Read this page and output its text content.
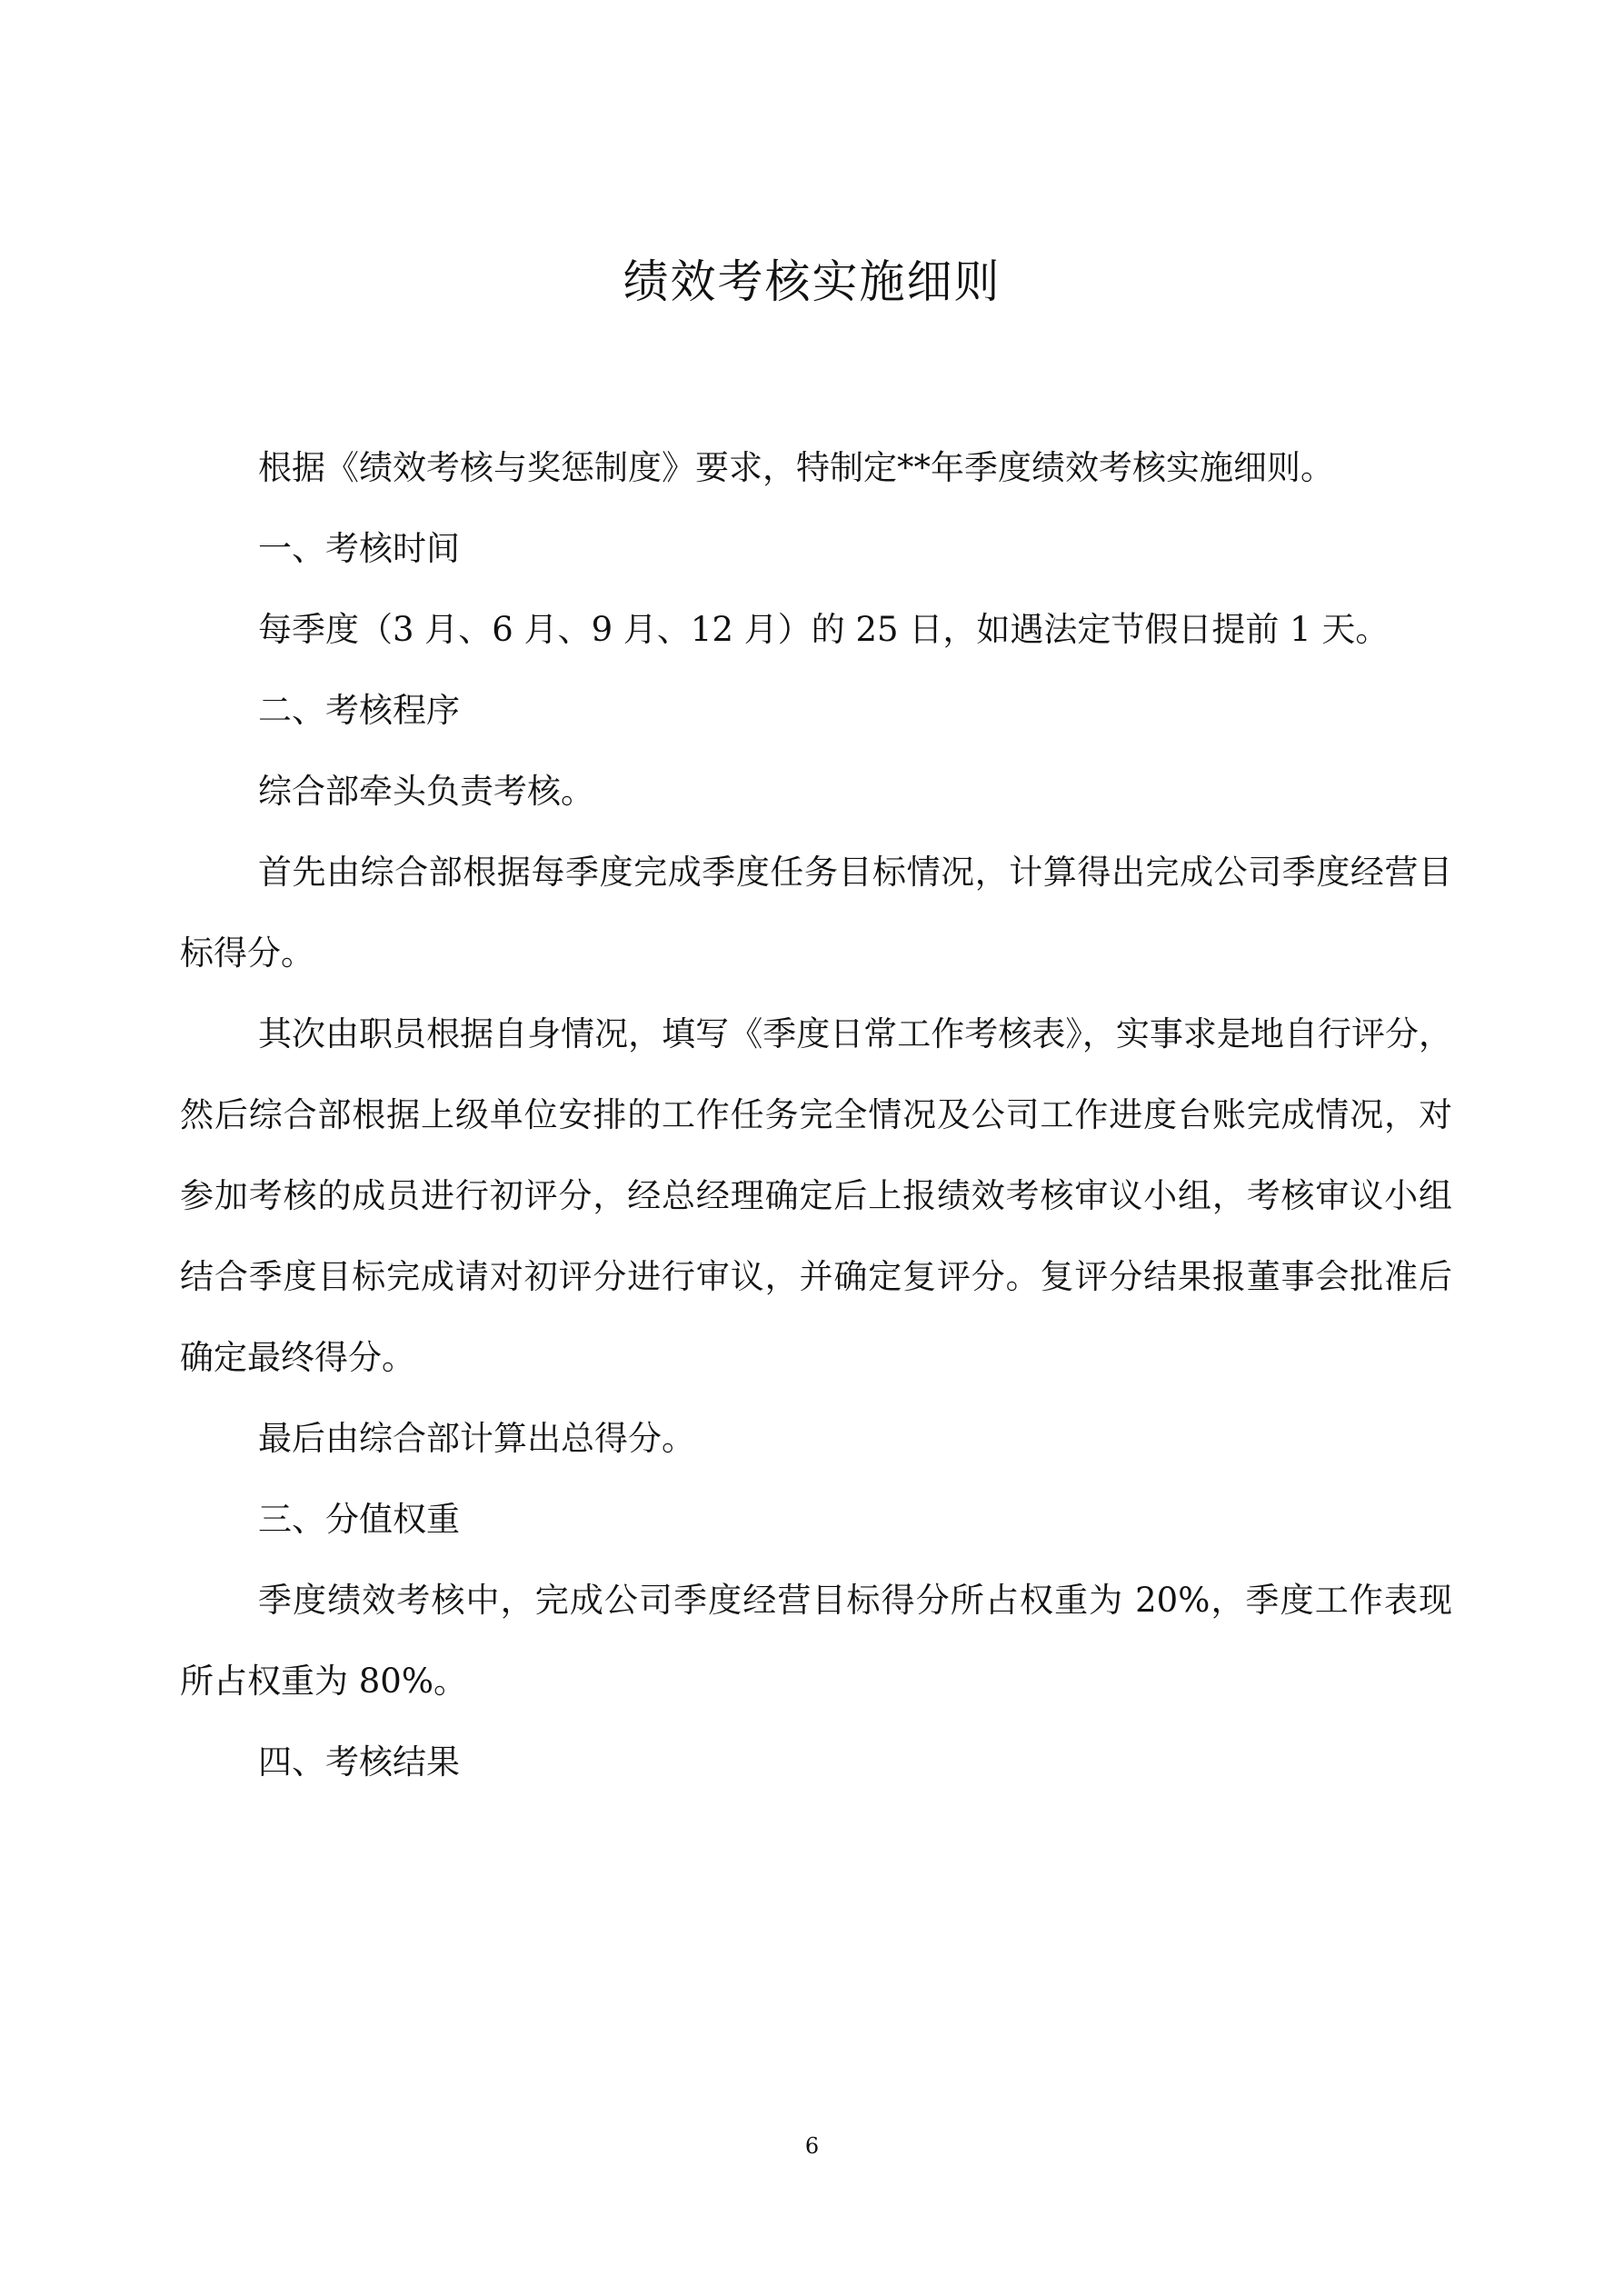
绩效考核实施细则

根据《绩效考核与奖惩制度》要求，特制定**年季度绩效考核实施细则。

一、考核时间

每季度（3 月、6 月、9 月、12 月）的 25 日，如遇法定节假日提前 1 天。

二、考核程序

综合部牵头负责考核。

首先由综合部根据每季度完成季度任务目标情况，计算得出完成公司季度经营目标得分。

其次由职员根据自身情况，填写《季度日常工作考核表》，实事求是地自行评分，然后综合部根据上级单位安排的工作任务完全情况及公司工作进度台账完成情况，对参加考核的成员进行初评分，经总经理确定后上报绩效考核审议小组，考核审议小组结合季度目标完成请对初评分进行审议，并确定复评分。复评分结果报董事会批准后确定最终得分。

最后由综合部计算出总得分。

三、分值权重

季度绩效考核中，完成公司季度经营目标得分所占权重为 20%，季度工作表现所占权重为 80%。

四、考核结果

6
